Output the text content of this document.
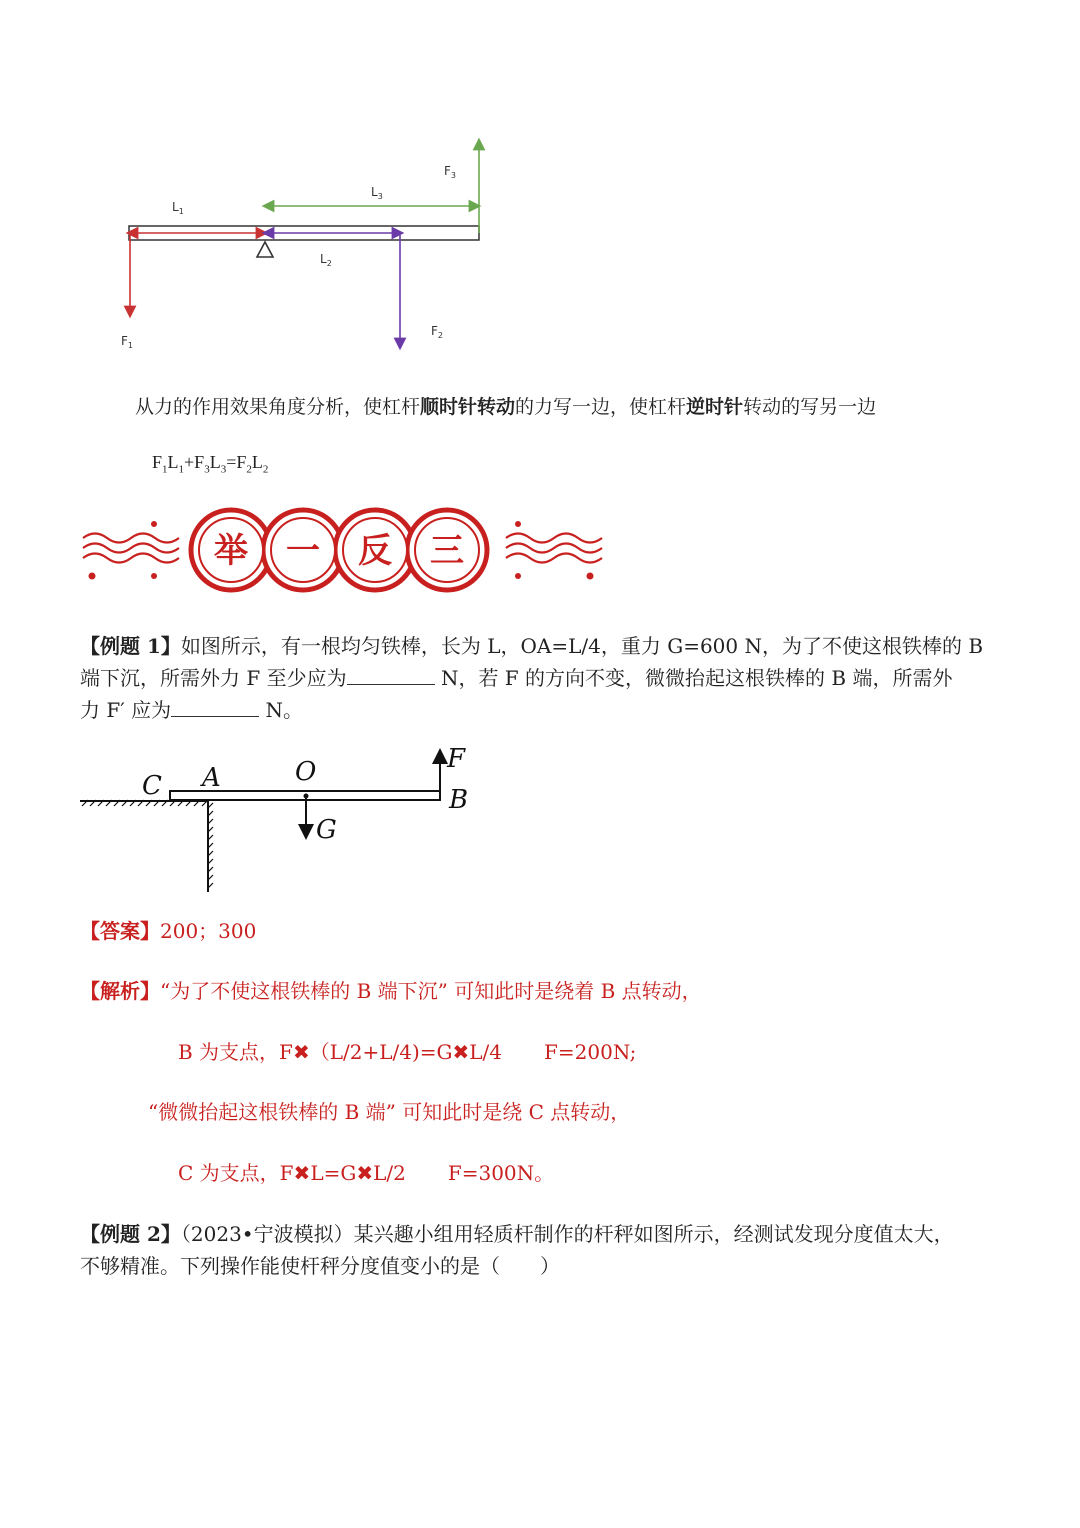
$L_1$
$L_2$
$L_3$
$F_1$
$F_2$
$F_3$
从力的作用效果角度分析，使杠杆顺时针转动的力写一边，使杠杆逆时针转动的写另一边
$F_1L_1+F_3L_3=F_2L_2$
举 一 反 三
【例题 1】如图所示，有一根均匀铁棒，长为 L，OA=L/4，重力 G=600 N，为了不使这根铁棒的 B
端下沉，所需外力 F 至少应为	N，若 F 的方向不变，微微抬起这根铁棒的 B 端，所需外
力 F′ 应为	N。
C A	O	F
B
G
【答案】200；300
【解析】“为了不使这根铁棒的 B 端下沉” 可知此时是绕着 B 点转动，
B 为支点，F✖（L/2+L/4)=G✖L/4 F=200N;
“微微抬起这根铁棒的 B 端” 可知此时是绕 C 点转动，
C 为支点，F✖L=G✖L/2 F=300N。
【例题 2】（2023•宁波模拟）某兴趣小组用轻质杆制作的杆秤如图所示，经测试发现分度值太大，
不够精准。下列操作能使杆秤分度值变小的是（　　）
